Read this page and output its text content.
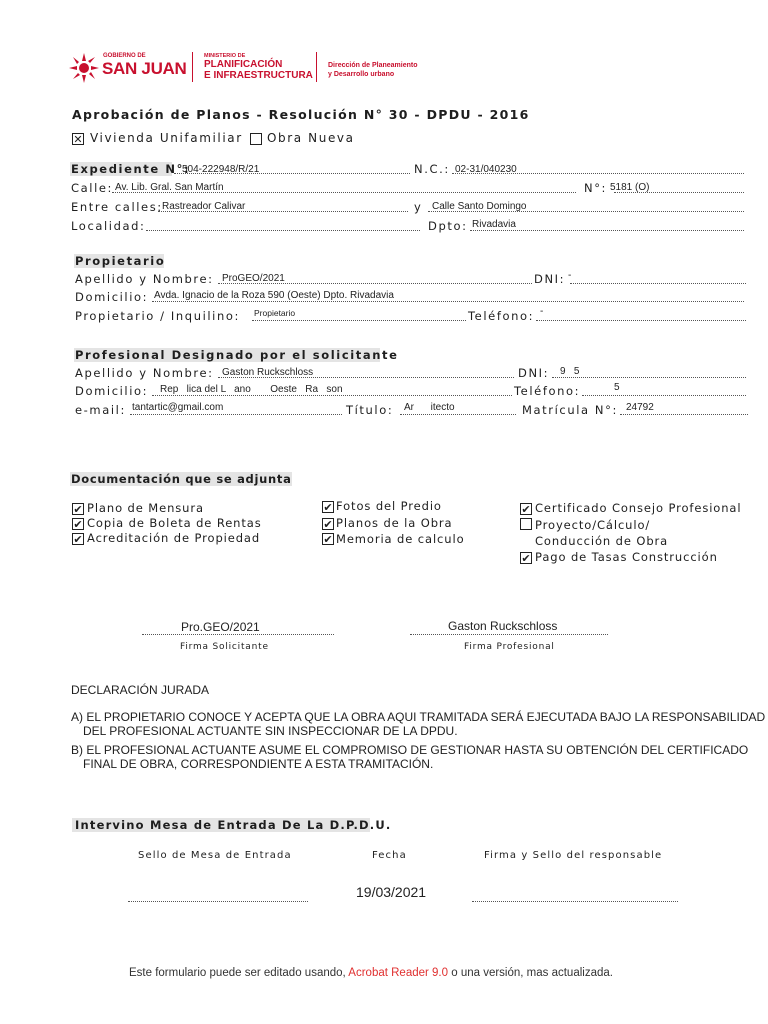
GOBIERNO DE
SAN JUAN
MINISTERIO DE
PLANIFICACIÓN
E INFRAESTRUCTURA
Dirección de Planeamiento
y Desarrollo urbano
Aprobación de Planos - Resolución N° 30 - DPDU - 2016
✕ Vivienda Unifamiliar Obra Nueva
Expediente N°:
504-222948/R/21	N.C.: 02-31/040230
Calle: Av. Lib. Gral. San Martín	N°: 5181 (O)
Entre calles: Rastreador Calivar	y Calle Santo Domingo
Localidad:	Dpto: Rivadavia
Propietario
Apellido y Nombre: ProGEO/2021	DNI: -
Domicilio: Avda. Ignacio de la Roza 590 (Oeste) Dpto. Rivadavia
Propietario / Inquilino: Propietario	Teléfono: -
Profesional Designado por el solicitante
Apellido y Nombre: Gaston Ruckschloss	DNI: 9   5
Domicilio: Rep   lica del L   ano       Oeste   Ra   son	Teléfono:	5
e-mail: tantartic@gmail.com	Título: Ar      itecto	Matrícula N°: 24792
Documentación que se adjunta
✔ Plano de Mensura
✔ Copia de Boleta de Rentas
✔ Acreditación de Propiedad
✔ Fotos del Predio
✔ Planos de la Obra
✔ Memoria de calculo
✔ Certificado Consejo Profesional
Proyecto/Cálculo/
Conducción de Obra
✔ Pago de Tasas Construcción
Pro.GEO/2021
Firma Solicitante
Gaston Ruckschloss
Firma Profesional
DECLARACIÓN JURADA
A) EL PROPIETARIO CONOCE Y ACEPTA QUE LA OBRA AQUI TRAMITADA SERÁ EJECUTADA BAJO LA RESPONSABILIDAD
DEL PROFESIONAL ACTUANTE SIN INSPECCIONAR DE LA DPDU.
B) EL PROFESIONAL ACTUANTE ASUME EL COMPROMISO DE GESTIONAR HASTA SU OBTENCIÓN DEL CERTIFICADO
FINAL DE OBRA, CORRESPONDIENTE A ESTA TRAMITACIÓN.
Intervino Mesa de Entrada De La D.P.D.U.
Sello de Mesa de Entrada	Fecha	Firma y Sello del responsable
19/03/2021
Este formulario puede ser editado usando, Acrobat Reader 9.0 o una versión, mas actualizada.
